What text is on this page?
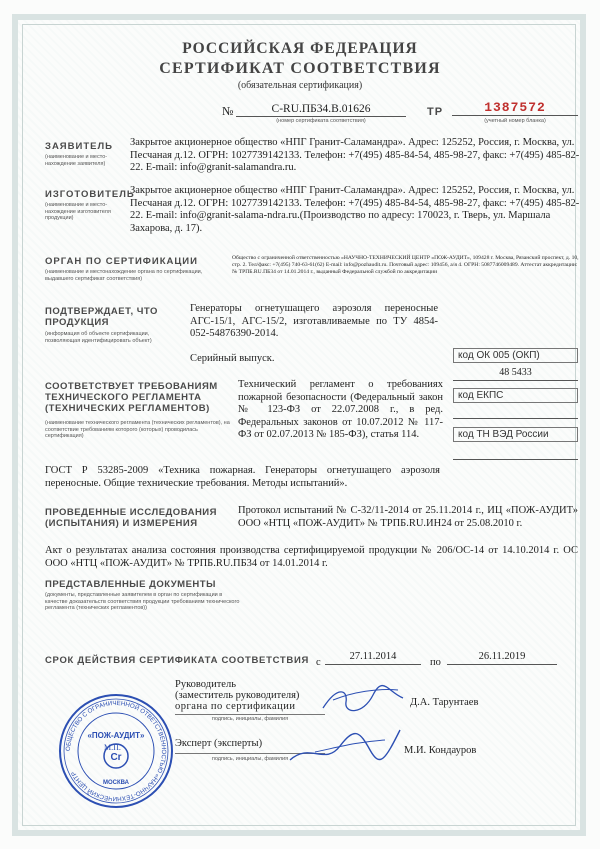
РОССИЙСКАЯ ФЕДЕРАЦИЯ
СЕРТИФИКАТ СООТВЕТСТВИЯ
(обязательная сертификация)
№	С-RU.ПБ34.В.01626
(номер сертификата соответствия)
ТР	1387572
(учетный номер бланка)
ЗАЯВИТЕЛЬ
(наименование и место-нахождение заявителя)
Закрытое акционерное общество «НПГ Гранит-Саламандра». Адрес: 125252, Россия, г. Москва, ул. Песчаная д.12. ОГРН: 1027739142133. Телефон: +7(495) 485-84-54, 485-98-27, факс: +7(495) 485-82-22. E-mail: info@granit-salamandra.ru.
ИЗГОТОВИТЕЛЬ
(наименование и место-нахождение изготовителя продукции)
Закрытое акционерное общество «НПГ Гранит-Саламандра». Адрес: 125252, Россия, г. Москва, ул. Песчаная д.12. ОГРН: 1027739142133. Телефон: +7(495) 485-84-54, 485-98-27, факс: +7(495) 485-82-22. E-mail: info@granit-salama-ndra.ru.(Производство по адресу: 170023, г. Тверь, ул. Маршала Захарова, д. 17).
ОРГАН ПО СЕРТИФИКАЦИИ
(наименование и местонахождение органа по сертификации, выдавшего сертификат соответствия)
Общество с ограниченной ответственностью «НАУЧНО-ТЕХНИЧЕСКИЙ ЦЕНТР «ПОЖ-АУДИТ», 109428 г. Москва, Рязанский проспект, д. 10, стр. 2. Тел/факс: +7(495) 740-63-61(62) E-mail: info@pozhaudit.ru. Почтовый адрес: 109456, а/я 4. ОГРН: 5087746009489. Аттестат аккредитации: № ТРПБ.RU.ПБ34 от 14.01.2014 г., выданный Федеральной службой по аккредитации
ПОДТВЕРЖДАЕТ, ЧТО
ПРОДУКЦИЯ
(информация об объекте сертификации, позволяющая идентифицировать объект)
Генераторы огнетушащего аэрозоля переносные АГС-15/1, АГС-15/2, изготавливаемые по ТУ 4854-052-54876390-2014.
Серийный выпуск.	код ОК 005 (ОКП)
48 5433
код ЕКПС
код ТН ВЭД России
СООТВЕТСТВУЕТ ТРЕБОВАНИЯМ
ТЕХНИЧЕСКОГО РЕГЛАМЕНТА
(ТЕХНИЧЕСКИХ РЕГЛАМЕНТОВ)
(наименование технического регламента (технических регламентов), на соответствие требованиям которого (которых) проводилась сертификация)
Технический регламент о требованиях пожарной безопасности (Федеральный закон № 123-ФЗ от 22.07.2008 г., в ред. Федеральных законов от 10.07.2012 № 117-ФЗ от 02.07.2013 № 185-ФЗ), статья 114.
ГОСТ Р 53285-2009 «Техника пожарная. Генераторы огнетушащего аэрозоля переносные. Общие технические требования. Методы испытаний».
ПРОВЕДЕННЫЕ ИССЛЕДОВАНИЯ
(ИСПЫТАНИЯ) И ИЗМЕРЕНИЯ
Протокол испытаний № С-32/11-2014 от 25.11.2014 г., ИЦ «ПОЖ-АУДИТ» ООО «НТЦ «ПОЖ-АУДИТ» № ТРПБ.RU.ИН24 от 25.08.2010 г.
Акт о результатах анализа состояния производства сертифицируемой продукции № 206/ОС-14 от 14.10.2014 г. ОС ООО «НТЦ «ПОЖ-АУДИТ» № ТРПБ.RU.ПБ34 от 14.01.2014 г.
ПРЕДСТАВЛЕННЫЕ ДОКУМЕНТЫ
(документы, представленные заявителем в орган по сертификации в качестве доказательств соответствия продукции требованиям технического регламента (технических регламентов))
СРОК ДЕЙСТВИЯ СЕРТИФИКАТА СООТВЕТСТВИЯ с
27.11.2014
по
26.11.2019
Руководитель
(заместитель руководителя)
органа по сертификации
подпись, инициалы, фамилия
Д.А. Тарунтаев
Эксперт (эксперты)
подпись, инициалы, фамилия
М.И. Кондауров
ОБЩЕСТВО С ОГРАНИЧЕННОЙ ОТВЕТСТВЕННОСТЬЮ «НАУЧНО-ТЕХНИЧЕСКИЙ ЦЕНТР
«ПОЖ-АУДИТ»
Cr
МОСКВА
М.П.
